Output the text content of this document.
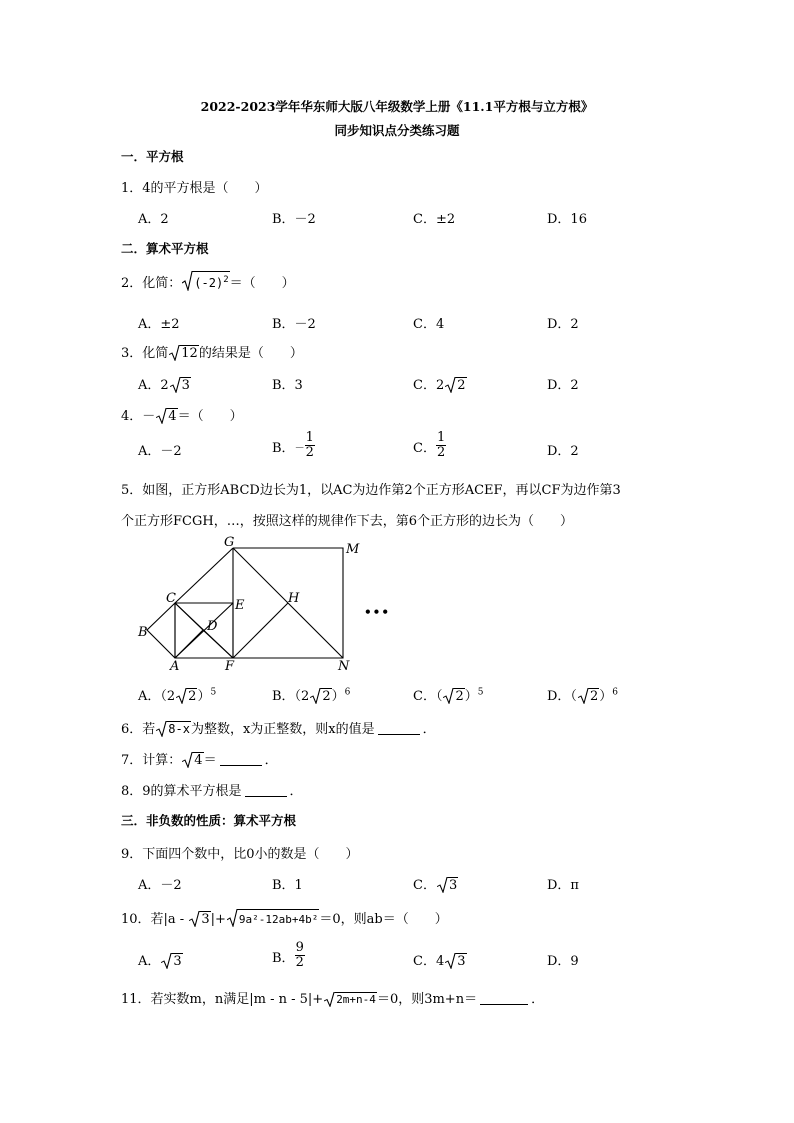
2022-2023学年华东师大版八年级数学上册《11.1平方根与立方根》
同步知识点分类练习题
一．平方根
1．4的平方根是（　　）
A．2	B．－2	C．±2	D．16
二．算术平方根
2．化简： $(-2)^2=$（　　）
A．±2	B．－2	C．4	D．2
3．化简 12的结果是（　　）
A．2 3	B．3	C．2 2	D．2
4．－ 4＝（　　）
A．－2	B． － $\frac{1}{2}$	C． $\frac{1}{2}$	D．2
5．如图，正方形ABCD边长为1，以AC为边作第2个正方形ACEF，再以CF为边作第3
个正方形FCGH，…，按照这样的规律作下去，第6个正方形的边长为（　　）
G	M
C	E	H
B	D
A	F	N
•••
A．（2 2）$^5$	B．（2 2）$^6$	C．（ 2）$^5$	D．（ 2）$^6$
6．若 8-x为整数，x为正整数，则x的值是	．
7．计算： 4＝	．
8．9的算术平方根是	．
三．非负数的性质：算术平方根
9．下面四个数中，比0小的数是（　　）
A．－2	B．1	C． 3	D．π
10．若|a - 3|+ 9a²-12ab+4b²＝0，则ab＝（　　）
A． 3	B． $\frac{9}{2}$	C．4 3	D．9
11．若实数m，n满足|m - n - 5|+ 2m+n-4＝0，则3m+n＝	．
